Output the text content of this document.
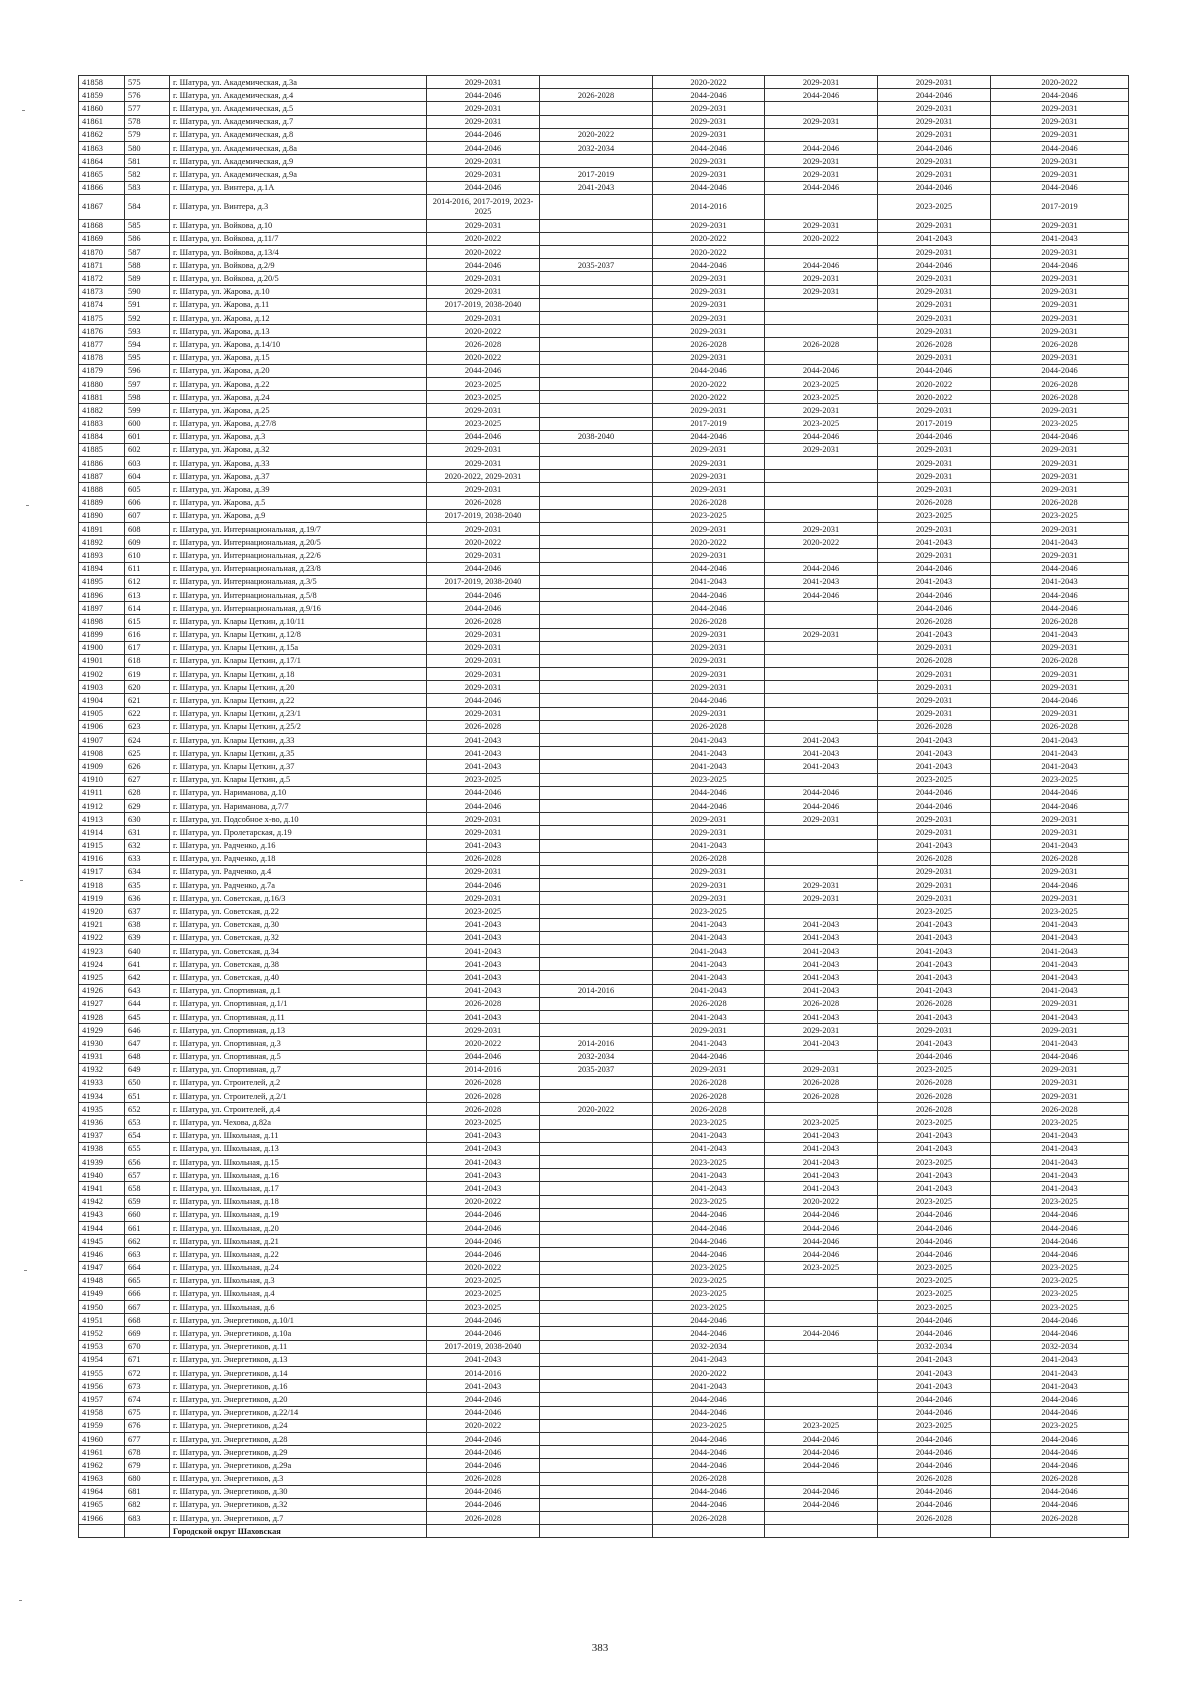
41858	575	г. Шатура, ул. Академическая, д.3а	2029-2031		2020-2022	2029-2031	2029-2031	2020-2022
41859	576	г. Шатура, ул. Академическая, д.4	2044-2046	2026-2028	2044-2046	2044-2046	2044-2046	2044-2046
41860	577	г. Шатура, ул. Академическая, д.5	2029-2031		2029-2031		2029-2031	2029-2031
41861	578	г. Шатура, ул. Академическая, д.7	2029-2031		2029-2031	2029-2031	2029-2031	2029-2031
41862	579	г. Шатура, ул. Академическая, д.8	2044-2046	2020-2022	2029-2031		2029-2031	2029-2031
41863	580	г. Шатура, ул. Академическая, д.8а	2044-2046	2032-2034	2044-2046	2044-2046	2044-2046	2044-2046
41864	581	г. Шатура, ул. Академическая, д.9	2029-2031		2029-2031	2029-2031	2029-2031	2029-2031
41865	582	г. Шатура, ул. Академическая, д.9а	2029-2031	2017-2019	2029-2031	2029-2031	2029-2031	2029-2031
41866	583	г. Шатура, ул. Винтера, д.1А	2044-2046	2041-2043	2044-2046	2044-2046	2044-2046	2044-2046
41867	584	г. Шатура, ул. Винтера, д.3	2014-2016, 2017-2019, 2023-2025		2014-2016		2023-2025	2017-2019
41868	585	г. Шатура, ул. Войкова, д.10	2029-2031		2029-2031	2029-2031	2029-2031	2029-2031
41869	586	г. Шатура, ул. Войкова, д.11/7	2020-2022		2020-2022	2020-2022	2041-2043	2041-2043
41870	587	г. Шатура, ул. Войкова, д.13/4	2020-2022		2020-2022		2029-2031	2029-2031
41871	588	г. Шатура, ул. Войкова, д.2/9	2044-2046	2035-2037	2044-2046	2044-2046	2044-2046	2044-2046
41872	589	г. Шатура, ул. Войкова, д.20/5	2029-2031		2029-2031	2029-2031	2029-2031	2029-2031
41873	590	г. Шатура, ул. Жарова, д.10	2029-2031		2029-2031	2029-2031	2029-2031	2029-2031
41874	591	г. Шатура, ул. Жарова, д.11	2017-2019, 2038-2040		2029-2031		2029-2031	2029-2031
41875	592	г. Шатура, ул. Жарова, д.12	2029-2031		2029-2031		2029-2031	2029-2031
41876	593	г. Шатура, ул. Жарова, д.13	2020-2022		2029-2031		2029-2031	2029-2031
41877	594	г. Шатура, ул. Жарова, д.14/10	2026-2028		2026-2028	2026-2028	2026-2028	2026-2028
41878	595	г. Шатура, ул. Жарова, д.15	2020-2022		2029-2031		2029-2031	2029-2031
41879	596	г. Шатура, ул. Жарова, д.20	2044-2046		2044-2046	2044-2046	2044-2046	2044-2046
41880	597	г. Шатура, ул. Жарова, д.22	2023-2025		2020-2022	2023-2025	2020-2022	2026-2028
41881	598	г. Шатура, ул. Жарова, д.24	2023-2025		2020-2022	2023-2025	2020-2022	2026-2028
41882	599	г. Шатура, ул. Жарова, д.25	2029-2031		2029-2031	2029-2031	2029-2031	2029-2031
41883	600	г. Шатура, ул. Жарова, д.27/8	2023-2025		2017-2019	2023-2025	2017-2019	2023-2025
41884	601	г. Шатура, ул. Жарова, д.3	2044-2046	2038-2040	2044-2046	2044-2046	2044-2046	2044-2046
41885	602	г. Шатура, ул. Жарова, д.32	2029-2031		2029-2031	2029-2031	2029-2031	2029-2031
41886	603	г. Шатура, ул. Жарова, д.33	2029-2031		2029-2031		2029-2031	2029-2031
41887	604	г. Шатура, ул. Жарова, д.37	2020-2022, 2029-2031		2029-2031		2029-2031	2029-2031
41888	605	г. Шатура, ул. Жарова, д.39	2029-2031		2029-2031		2029-2031	2029-2031
41889	606	г. Шатура, ул. Жарова, д.5	2026-2028		2026-2028		2026-2028	2026-2028
41890	607	г. Шатура, ул. Жарова, д.9	2017-2019, 2038-2040		2023-2025		2023-2025	2023-2025
41891	608	г. Шатура, ул. Интернациональная, д.19/7	2029-2031		2029-2031	2029-2031	2029-2031	2029-2031
41892	609	г. Шатура, ул. Интернациональная, д.20/5	2020-2022		2020-2022	2020-2022	2041-2043	2041-2043
41893	610	г. Шатура, ул. Интернациональная, д.22/6	2029-2031		2029-2031		2029-2031	2029-2031
41894	611	г. Шатура, ул. Интернациональная, д.23/8	2044-2046		2044-2046	2044-2046	2044-2046	2044-2046
41895	612	г. Шатура, ул. Интернациональная, д.3/5	2017-2019, 2038-2040		2041-2043	2041-2043	2041-2043	2041-2043
41896	613	г. Шатура, ул. Интернациональная, д.5/8	2044-2046		2044-2046	2044-2046	2044-2046	2044-2046
41897	614	г. Шатура, ул. Интернациональная, д.9/16	2044-2046		2044-2046		2044-2046	2044-2046
41898	615	г. Шатура, ул. Клары Цеткин, д.10/11	2026-2028		2026-2028		2026-2028	2026-2028
41899	616	г. Шатура, ул. Клары Цеткин, д.12/8	2029-2031		2029-2031	2029-2031	2041-2043	2041-2043
41900	617	г. Шатура, ул. Клары Цеткин, д.15а	2029-2031		2029-2031		2029-2031	2029-2031
41901	618	г. Шатура, ул. Клары Цеткин, д.17/1	2029-2031		2029-2031		2026-2028	2026-2028
41902	619	г. Шатура, ул. Клары Цеткин, д.18	2029-2031		2029-2031		2029-2031	2029-2031
41903	620	г. Шатура, ул. Клары Цеткин, д.20	2029-2031		2029-2031		2029-2031	2029-2031
41904	621	г. Шатура, ул. Клары Цеткин, д.22	2044-2046		2044-2046		2029-2031	2044-2046
41905	622	г. Шатура, ул. Клары Цеткин, д.23/1	2029-2031		2029-2031		2029-2031	2029-2031
41906	623	г. Шатура, ул. Клары Цеткин, д.25/2	2026-2028		2026-2028		2026-2028	2026-2028
41907	624	г. Шатура, ул. Клары Цеткин, д.33	2041-2043		2041-2043	2041-2043	2041-2043	2041-2043
41908	625	г. Шатура, ул. Клары Цеткин, д.35	2041-2043		2041-2043	2041-2043	2041-2043	2041-2043
41909	626	г. Шатура, ул. Клары Цеткин, д.37	2041-2043		2041-2043	2041-2043	2041-2043	2041-2043
41910	627	г. Шатура, ул. Клары Цеткин, д.5	2023-2025		2023-2025		2023-2025	2023-2025
41911	628	г. Шатура, ул. Нариманова, д.10	2044-2046		2044-2046	2044-2046	2044-2046	2044-2046
41912	629	г. Шатура, ул. Нариманова, д.7/7	2044-2046		2044-2046	2044-2046	2044-2046	2044-2046
41913	630	г. Шатура, ул. Подсобное х-во, д.10	2029-2031		2029-2031	2029-2031	2029-2031	2029-2031
41914	631	г. Шатура, ул. Пролетарская, д.19	2029-2031		2029-2031		2029-2031	2029-2031
41915	632	г. Шатура, ул. Радченко, д.16	2041-2043		2041-2043		2041-2043	2041-2043
41916	633	г. Шатура, ул. Радченко, д.18	2026-2028		2026-2028		2026-2028	2026-2028
41917	634	г. Шатура, ул. Радченко, д.4	2029-2031		2029-2031		2029-2031	2029-2031
41918	635	г. Шатура, ул. Радченко, д.7а	2044-2046		2029-2031	2029-2031	2029-2031	2044-2046
41919	636	г. Шатура, ул. Советская, д.16/3	2029-2031		2029-2031	2029-2031	2029-2031	2029-2031
41920	637	г. Шатура, ул. Советская, д.22	2023-2025		2023-2025		2023-2025	2023-2025
41921	638	г. Шатура, ул. Советская, д.30	2041-2043		2041-2043	2041-2043	2041-2043	2041-2043
41922	639	г. Шатура, ул. Советская, д.32	2041-2043		2041-2043	2041-2043	2041-2043	2041-2043
41923	640	г. Шатура, ул. Советская, д.34	2041-2043		2041-2043	2041-2043	2041-2043	2041-2043
41924	641	г. Шатура, ул. Советская, д.38	2041-2043		2041-2043	2041-2043	2041-2043	2041-2043
41925	642	г. Шатура, ул. Советская, д.40	2041-2043		2041-2043	2041-2043	2041-2043	2041-2043
41926	643	г. Шатура, ул. Спортивная, д.1	2041-2043	2014-2016	2041-2043	2041-2043	2041-2043	2041-2043
41927	644	г. Шатура, ул. Спортивная, д.1/1	2026-2028		2026-2028	2026-2028	2026-2028	2029-2031
41928	645	г. Шатура, ул. Спортивная, д.11	2041-2043		2041-2043	2041-2043	2041-2043	2041-2043
41929	646	г. Шатура, ул. Спортивная, д.13	2029-2031		2029-2031	2029-2031	2029-2031	2029-2031
41930	647	г. Шатура, ул. Спортивная, д.3	2020-2022	2014-2016	2041-2043	2041-2043	2041-2043	2041-2043
41931	648	г. Шатура, ул. Спортивная, д.5	2044-2046	2032-2034	2044-2046		2044-2046	2044-2046
41932	649	г. Шатура, ул. Спортивная, д.7	2014-2016	2035-2037	2029-2031	2029-2031	2023-2025	2029-2031
41933	650	г. Шатура, ул. Строителей, д.2	2026-2028		2026-2028	2026-2028	2026-2028	2029-2031
41934	651	г. Шатура, ул. Строителей, д.2/1	2026-2028		2026-2028	2026-2028	2026-2028	2029-2031
41935	652	г. Шатура, ул. Строителей, д.4	2026-2028	2020-2022	2026-2028		2026-2028	2026-2028
41936	653	г. Шатура, ул. Чехова, д.82а	2023-2025		2023-2025	2023-2025	2023-2025	2023-2025
41937	654	г. Шатура, ул. Школьная, д.11	2041-2043		2041-2043	2041-2043	2041-2043	2041-2043
41938	655	г. Шатура, ул. Школьная, д.13	2041-2043		2041-2043	2041-2043	2041-2043	2041-2043
41939	656	г. Шатура, ул. Школьная, д.15	2041-2043		2023-2025	2041-2043	2023-2025	2041-2043
41940	657	г. Шатура, ул. Школьная, д.16	2041-2043		2041-2043	2041-2043	2041-2043	2041-2043
41941	658	г. Шатура, ул. Школьная, д.17	2041-2043		2041-2043	2041-2043	2041-2043	2041-2043
41942	659	г. Шатура, ул. Школьная, д.18	2020-2022		2023-2025	2020-2022	2023-2025	2023-2025
41943	660	г. Шатура, ул. Школьная, д.19	2044-2046		2044-2046	2044-2046	2044-2046	2044-2046
41944	661	г. Шатура, ул. Школьная, д.20	2044-2046		2044-2046	2044-2046	2044-2046	2044-2046
41945	662	г. Шатура, ул. Школьная, д.21	2044-2046		2044-2046	2044-2046	2044-2046	2044-2046
41946	663	г. Шатура, ул. Школьная, д.22	2044-2046		2044-2046	2044-2046	2044-2046	2044-2046
41947	664	г. Шатура, ул. Школьная, д.24	2020-2022		2023-2025	2023-2025	2023-2025	2023-2025
41948	665	г. Шатура, ул. Школьная, д.3	2023-2025		2023-2025		2023-2025	2023-2025
41949	666	г. Шатура, ул. Школьная, д.4	2023-2025		2023-2025		2023-2025	2023-2025
41950	667	г. Шатура, ул. Школьная, д.6	2023-2025		2023-2025		2023-2025	2023-2025
41951	668	г. Шатура, ул. Энергетиков, д.10/1	2044-2046		2044-2046		2044-2046	2044-2046
41952	669	г. Шатура, ул. Энергетиков, д.10а	2044-2046		2044-2046	2044-2046	2044-2046	2044-2046
41953	670	г. Шатура, ул. Энергетиков, д.11	2017-2019, 2038-2040		2032-2034		2032-2034	2032-2034
41954	671	г. Шатура, ул. Энергетиков, д.13	2041-2043		2041-2043		2041-2043	2041-2043
41955	672	г. Шатура, ул. Энергетиков, д.14	2014-2016		2020-2022		2041-2043	2041-2043
41956	673	г. Шатура, ул. Энергетиков, д.16	2041-2043		2041-2043		2041-2043	2041-2043
41957	674	г. Шатура, ул. Энергетиков, д.20	2044-2046		2044-2046		2044-2046	2044-2046
41958	675	г. Шатура, ул. Энергетиков, д.22/14	2044-2046		2044-2046		2044-2046	2044-2046
41959	676	г. Шатура, ул. Энергетиков, д.24	2020-2022		2023-2025	2023-2025	2023-2025	2023-2025
41960	677	г. Шатура, ул. Энергетиков, д.28	2044-2046		2044-2046	2044-2046	2044-2046	2044-2046
41961	678	г. Шатура, ул. Энергетиков, д.29	2044-2046		2044-2046	2044-2046	2044-2046	2044-2046
41962	679	г. Шатура, ул. Энергетиков, д.29а	2044-2046		2044-2046	2044-2046	2044-2046	2044-2046
41963	680	г. Шатура, ул. Энергетиков, д.3	2026-2028		2026-2028		2026-2028	2026-2028
41964	681	г. Шатура, ул. Энергетиков, д.30	2044-2046		2044-2046	2044-2046	2044-2046	2044-2046
41965	682	г. Шатура, ул. Энергетиков, д.32	2044-2046		2044-2046	2044-2046	2044-2046	2044-2046
41966	683	г. Шатура, ул. Энергетиков, д.7	2026-2028		2026-2028		2026-2028	2026-2028
		Городской округ Шаховская						
383
